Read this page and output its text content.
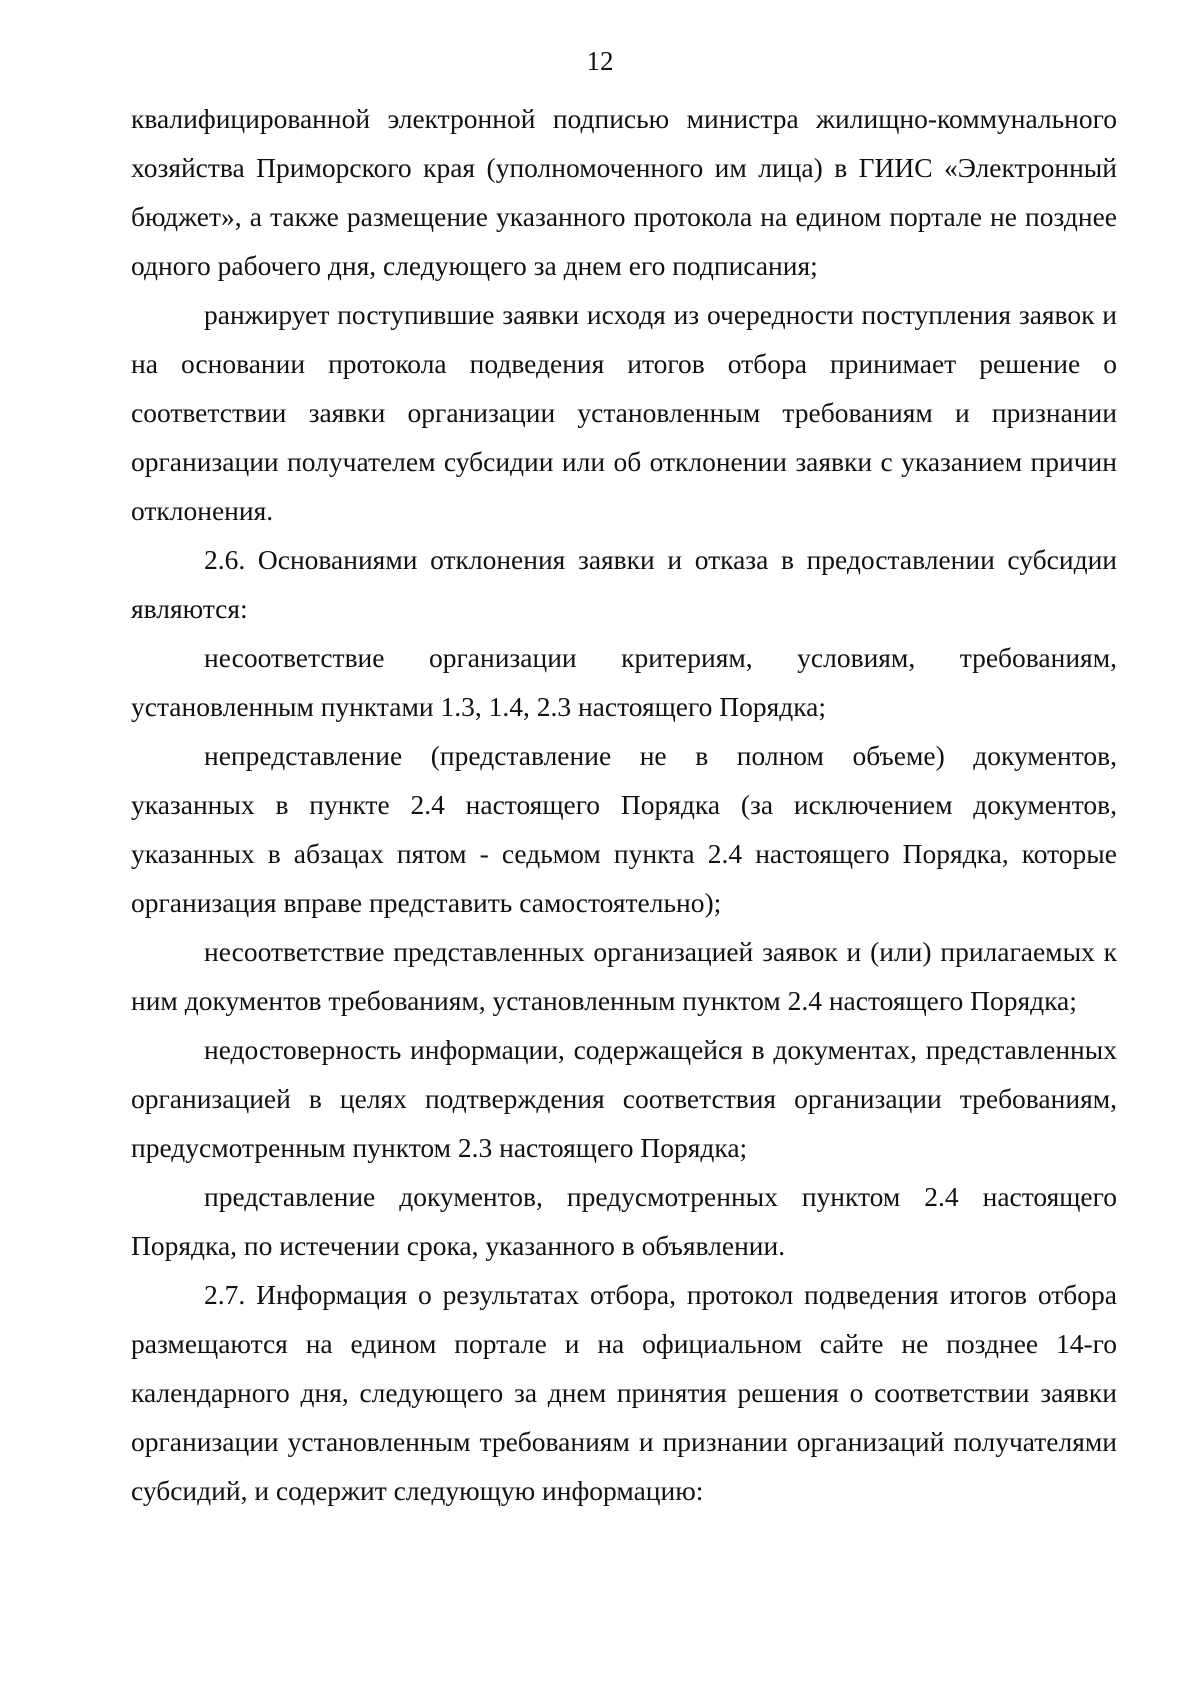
12

квалифицированной электронной подписью министра жилищно-коммунального хозяйства Приморского края (уполномоченного им лица) в ГИИС «Электронный бюджет», а также размещение указанного протокола на едином портале не позднее одного рабочего дня, следующего за днем его подписания;

ранжирует поступившие заявки исходя из очередности поступления заявок и на основании протокола подведения итогов отбора принимает решение о соответствии заявки организации установленным требованиям и признании организации получателем субсидии или об отклонении заявки с указанием причин отклонения.

2.6. Основаниями отклонения заявки и отказа в предоставлении субсидии являются:

несоответствие организации критериям, условиям, требованиям, установленным пунктами 1.3, 1.4, 2.3 настоящего Порядка;

непредставление (представление не в полном объеме) документов, указанных в пункте 2.4 настоящего Порядка (за исключением документов, указанных в абзацах пятом - седьмом пункта 2.4 настоящего Порядка, которые организация вправе представить самостоятельно);

несоответствие представленных организацией заявок и (или) прилагаемых к ним документов требованиям, установленным пунктом 2.4 настоящего Порядка;

недостоверность информации, содержащейся в документах, представленных организацией в целях подтверждения соответствия организации требованиям, предусмотренным пунктом 2.3 настоящего Порядка;

представление документов, предусмотренных пунктом 2.4 настоящего Порядка, по истечении срока, указанного в объявлении.

2.7. Информация о результатах отбора, протокол подведения итогов отбора размещаются на едином портале и на официальном сайте не позднее 14-го календарного дня, следующего за днем принятия решения о соответствии заявки организации установленным требованиям и признании организаций получателями субсидий, и содержит следующую информацию:
